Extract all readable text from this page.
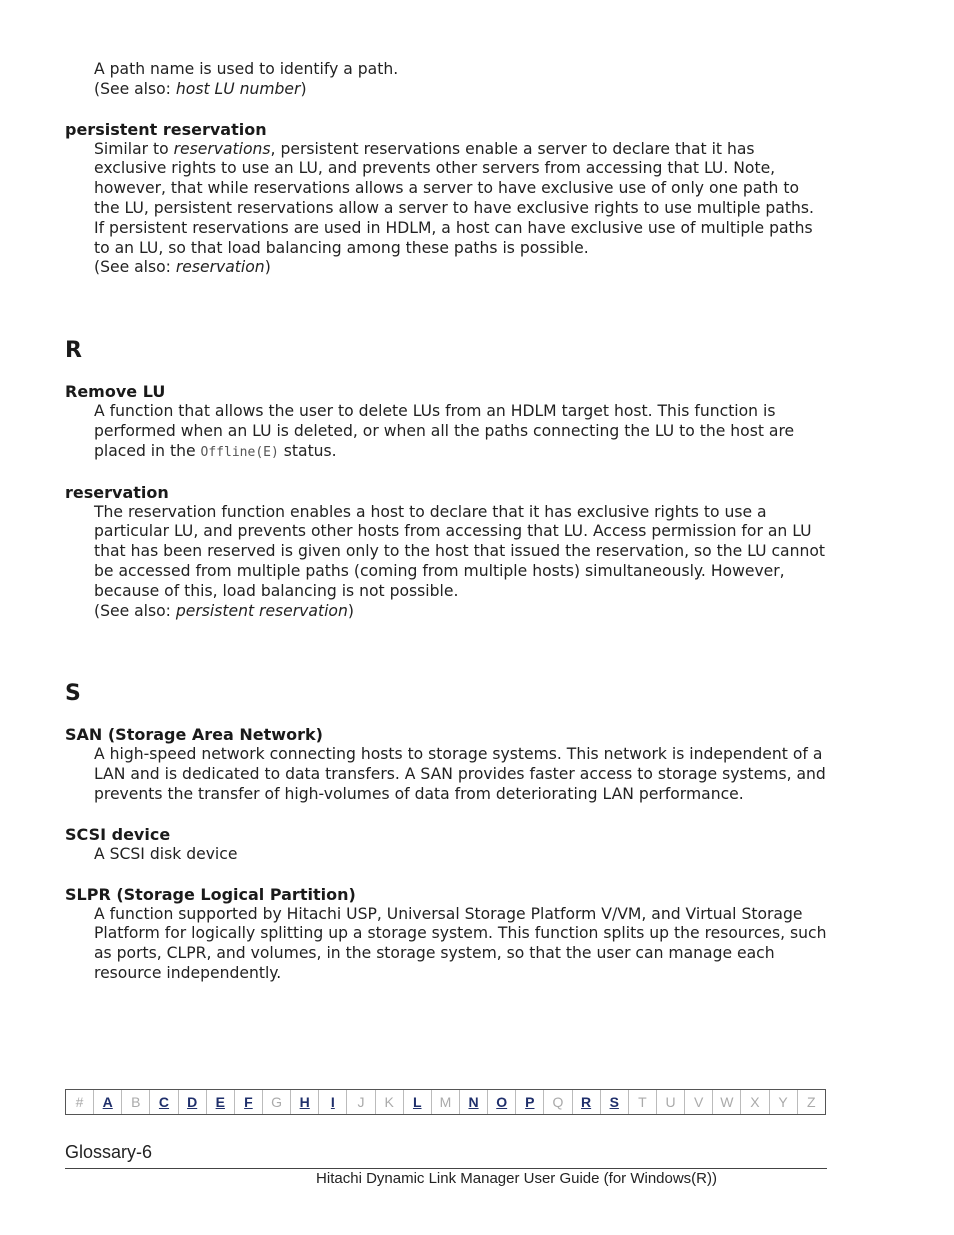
A path name is used to identify a path.
(See also: host LU number)

persistent reservation

Similar to reservations, persistent reservations enable a server to declare that it has exclusive rights to use an LU, and prevents other servers from accessing that LU. Note, however, that while reservations allows a server to have exclusive use of only one path to the LU, persistent reservations allow a server to have exclusive rights to use multiple paths.
If persistent reservations are used in HDLM, a host can have exclusive use of multiple paths to an LU, so that load balancing among these paths is possible.
(See also: reservation)

R

Remove LU

A function that allows the user to delete LUs from an HDLM target host. This function is performed when an LU is deleted, or when all the paths connecting the LU to the host are placed in the Offline(E) status.

reservation

The reservation function enables a host to declare that it has exclusive rights to use a particular LU, and prevents other hosts from accessing that LU. Access permission for an LU that has been reserved is given only to the host that issued the reservation, so the LU cannot be accessed from multiple paths (coming from multiple hosts) simultaneously. However, because of this, load balancing is not possible.
(See also: persistent reservation)

S

SAN (Storage Area Network)

A high-speed network connecting hosts to storage systems. This network is independent of a LAN and is dedicated to data transfers. A SAN provides faster access to storage systems, and prevents the transfer of high-volumes of data from deteriorating LAN performance.

SCSI device

A SCSI disk device

SLPR (Storage Logical Partition)

A function supported by Hitachi USP, Universal Storage Platform V/VM, and Virtual Storage Platform for logically splitting up a storage system. This function splits up the resources, such as ports, CLPR, and volumes, in the storage system, so that the user can manage each resource independently.

#	A	B	C	D	E	F	G	H	I	J	K	L	M	N	O	P	Q	R	S	T	U	V	W	X	Y	Z
Glossary-6
Hitachi Dynamic Link Manager User Guide (for Windows(R))
